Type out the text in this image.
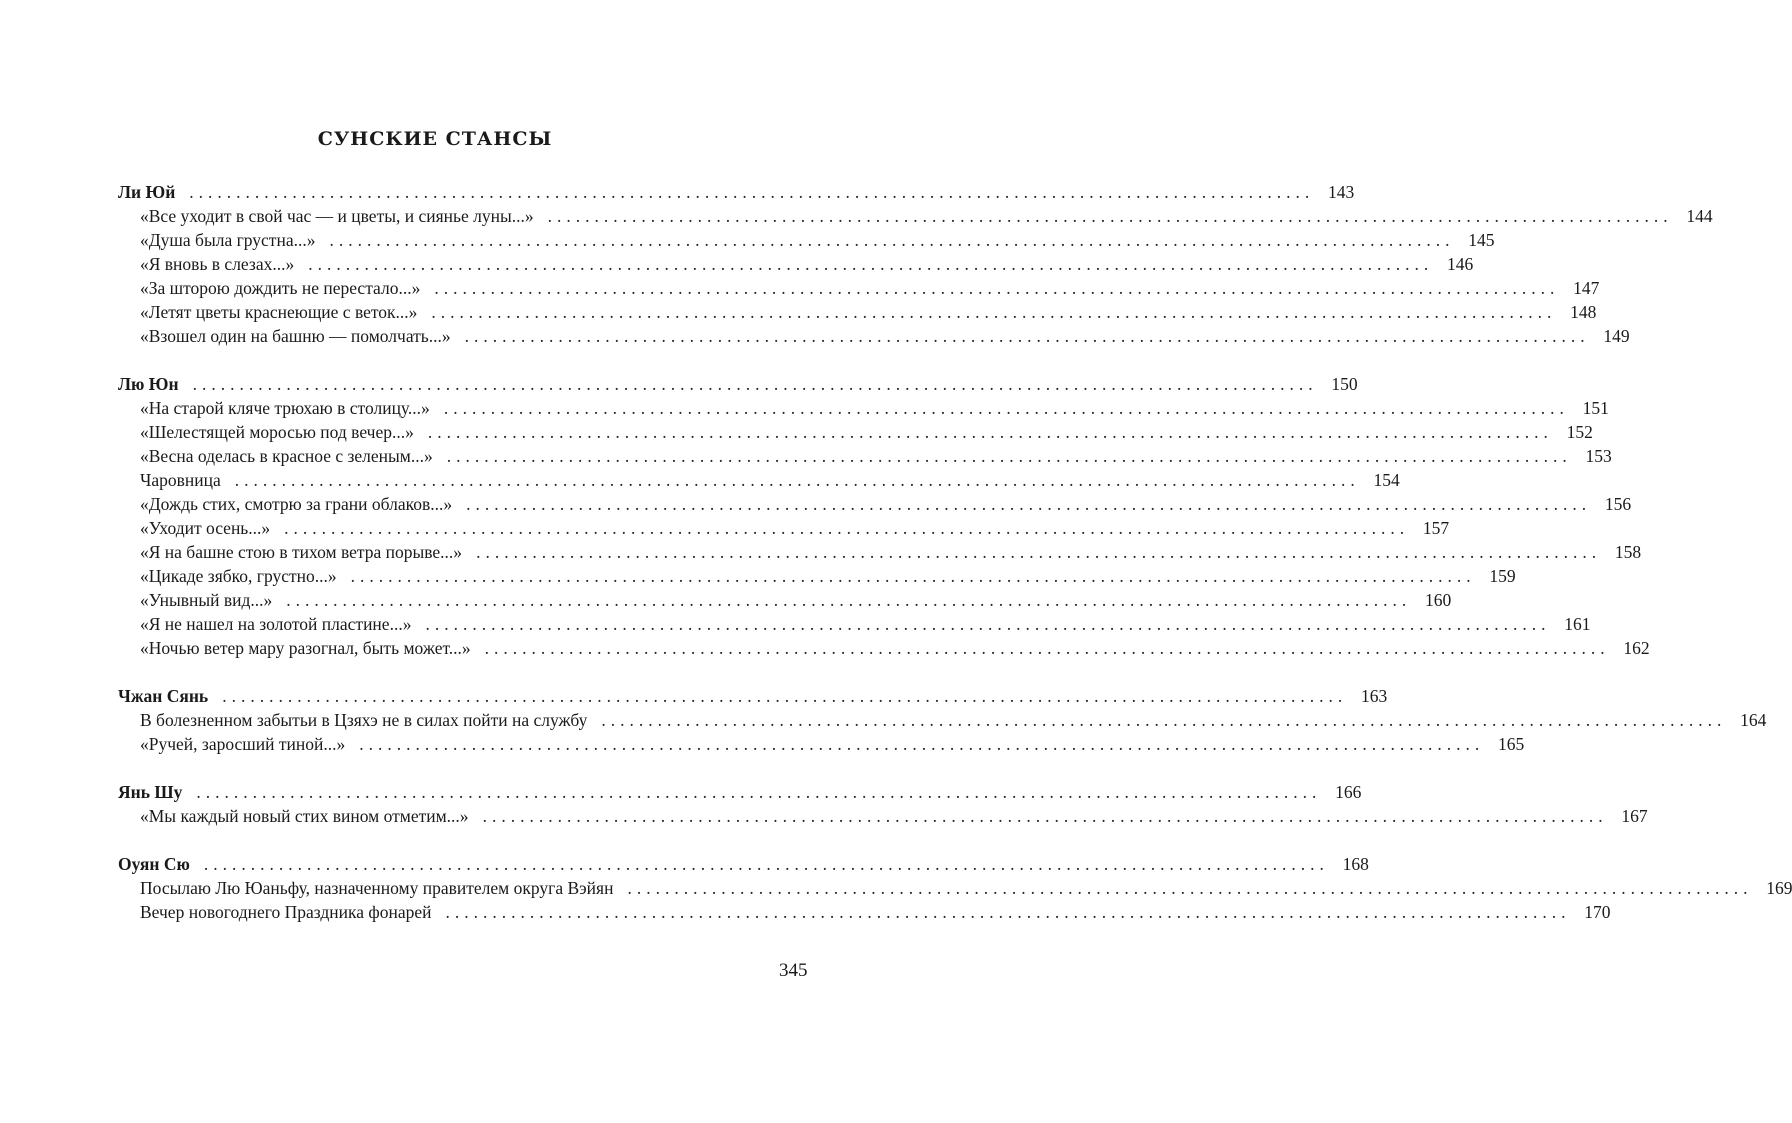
СУНСКИЕ СТАНСЫ
Ли Юй ........................................................................................................................ 143
«Все уходит в свой час — и цветы, и сиянье луны...» ........................................................................................................................ 144
«Душа была грустна...» ........................................................................................................................ 145
«Я вновь в слезах...» ........................................................................................................................ 146
«За шторою дождить не перестало...» ........................................................................................................................ 147
«Летят цветы краснеющие с веток...» ........................................................................................................................ 148
«Взошел один на башню — помолчать...» ........................................................................................................................ 149
Лю Юн ........................................................................................................................ 150
«На старой кляче трюхаю в столицу...» ........................................................................................................................ 151
«Шелестящей моросью под вечер...» ........................................................................................................................ 152
«Весна оделась в красное с зеленым...» ........................................................................................................................ 153
Чаровница ........................................................................................................................ 154
«Дождь стих, смотрю за грани облаков...» ........................................................................................................................ 156
«Уходит осень...» ........................................................................................................................ 157
«Я на башне стою в тихом ветра порыве...» ........................................................................................................................ 158
«Цикаде зябко, грустно...» ........................................................................................................................ 159
«Унывный вид...» ........................................................................................................................ 160
«Я не нашел на золотой пластине...» ........................................................................................................................ 161
«Ночью ветер мару разогнал, быть может...» ........................................................................................................................ 162
Чжан Сянь ........................................................................................................................ 163
В болезненном забытьи в Цзяхэ не в силах пойти на службу ........................................................................................................................ 164
«Ручей, заросший тиной...» ........................................................................................................................ 165
Янь Шу ........................................................................................................................ 166
«Мы каждый новый стих вином отметим...» ........................................................................................................................ 167
Оуян Сю ........................................................................................................................ 168
Посылаю Лю Юаньфу, назначенному правителем округа Вэйян ........................................................................................................................ 169
Вечер новогоднего Праздника фонарей ........................................................................................................................ 170
345
